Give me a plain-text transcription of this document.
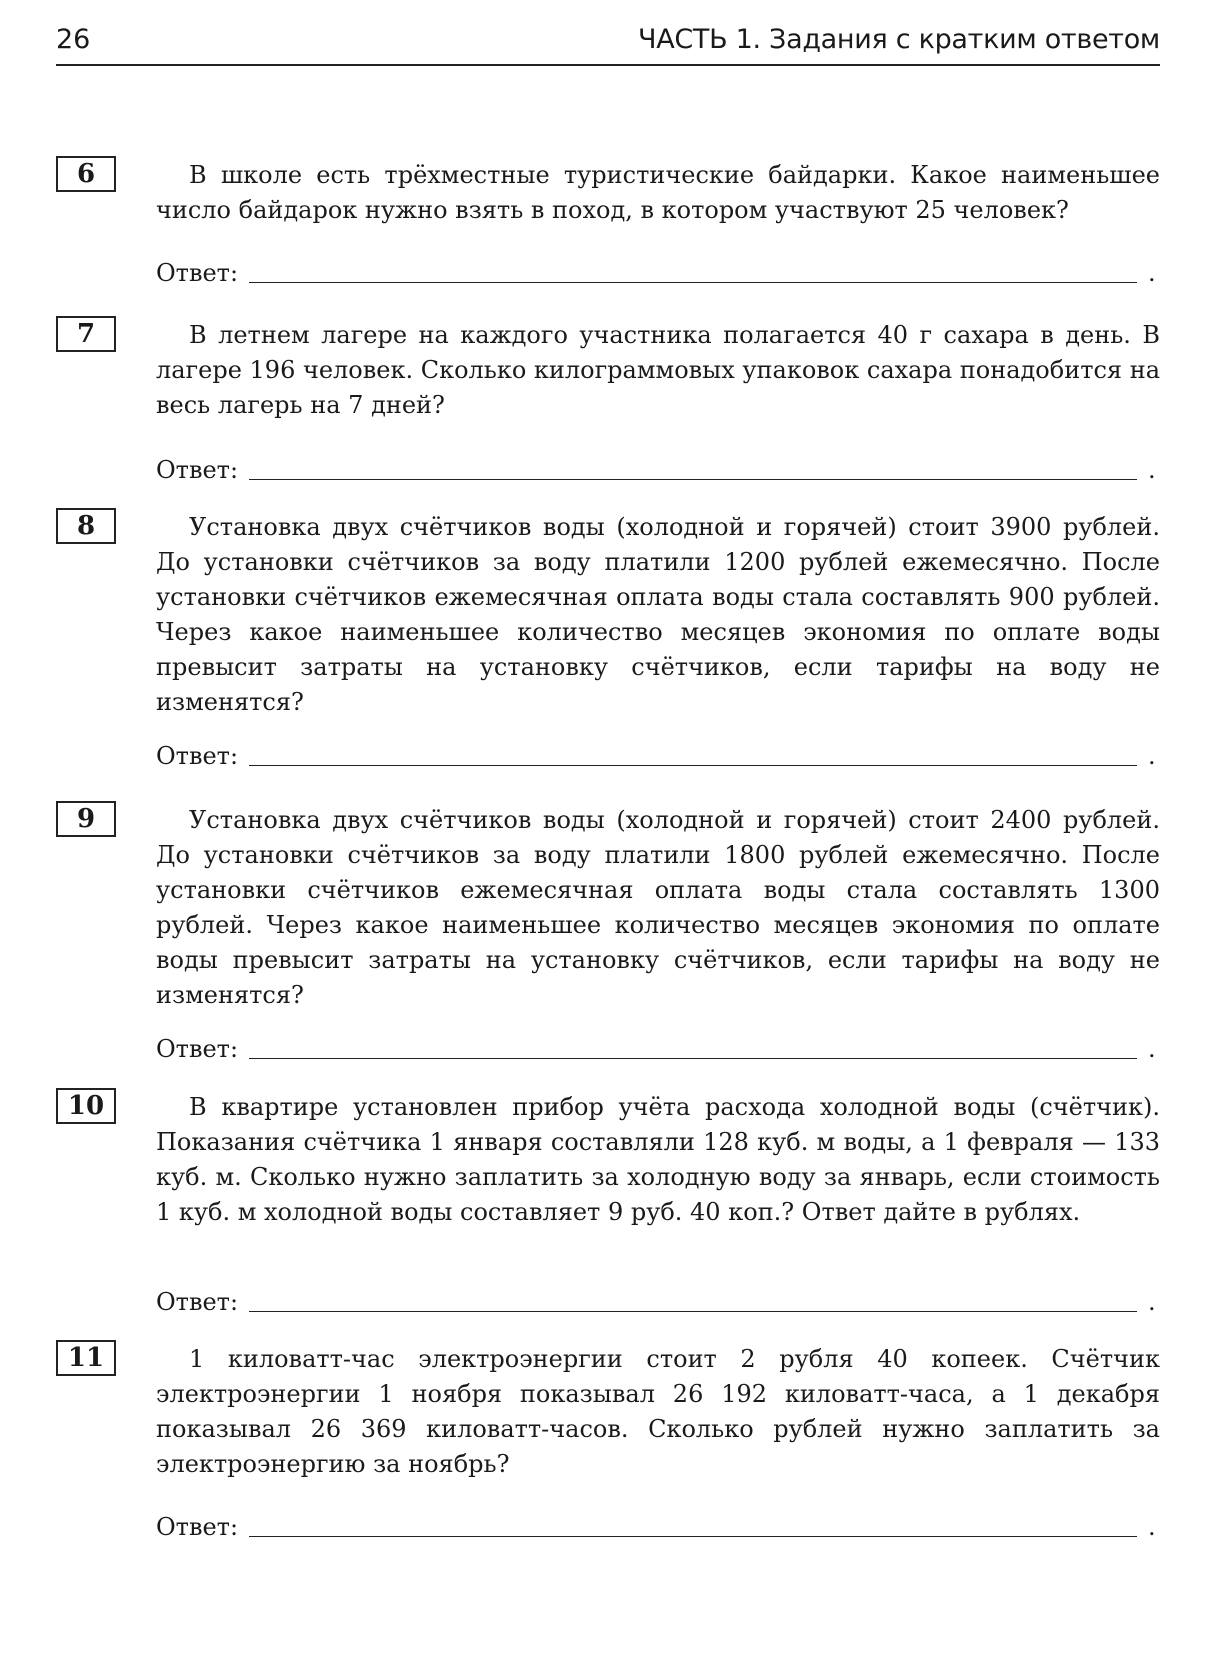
26	ЧАСТЬ 1. Задания с кратким ответом
6	В школе есть трёхместные туристические байдарки. Какое наименьшее число байдарок нужно взять в поход, в котором участвуют 25 человек?

Ответ:	.
7	В летнем лагере на каждого участника полагается 40 г сахара в день. В лагере 196 человек. Сколько килограммовых упаковок сахара понадобится на весь лагерь на 7 дней?

Ответ:	.
8	Установка двух счётчиков воды (холодной и горячей) стоит 3900 рублей. До установки счётчиков за воду платили 1200 рублей ежемесячно. После установки счётчиков ежемесячная оплата воды стала составлять 900 рублей. Через какое наименьшее количество месяцев экономия по оплате воды превысит затраты на установку счётчиков, если тарифы на воду не изменятся?

Ответ:	.
9	Установка двух счётчиков воды (холодной и горячей) стоит 2400 рублей. До установки счётчиков за воду платили 1800 рублей ежемесячно. После установки счётчиков ежемесячная оплата воды стала составлять 1300 рублей. Через какое наименьшее количество месяцев экономия по оплате воды превысит затраты на установку счётчиков, если тарифы на воду не изменятся?

Ответ:	.
10	В квартире установлен прибор учёта расхода холодной воды (счётчик). Показания счётчика 1 января составляли 128 куб. м воды, а 1 февраля — 133 куб. м. Сколько нужно заплатить за холодную воду за январь, если стоимость 1 куб. м холодной воды составляет 9 руб. 40 коп.? Ответ дайте в рублях.

Ответ:	.
11	1 киловатт-час электроэнергии стоит 2 рубля 40 копеек. Счётчик электроэнергии 1 ноября показывал 26 192 киловатт-часа, а 1 декабря показывал 26 369 киловатт-часов. Сколько рублей нужно заплатить за электроэнергию за ноябрь?

Ответ:	.
